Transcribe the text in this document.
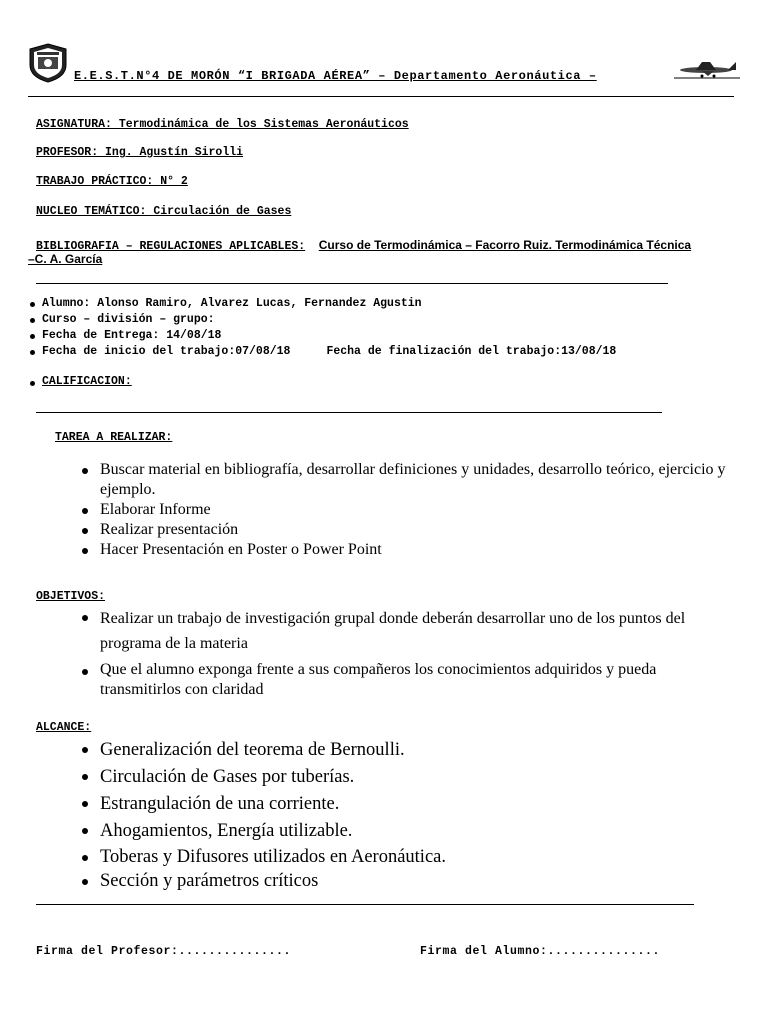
E.E.S.T.N°4 DE MORÓN “I BRIGADA AÉREA” – Departamento Aeronáutica –
ASIGNATURA: Termodinámica de los Sistemas Aeronáuticos
PROFESOR: Ing. Agustín Sirolli
TRABAJO PRÁCTICO: N° 2
NUCLEO TEMÁTICO: Circulación de Gases
BIBLIOGRAFIA – REGULACIONES APLICABLES: Curso de Termodinámica – Facorro Ruiz. Termodinámica Técnica
–C. A. García
Alumno: Alonso Ramiro, Alvarez Lucas, Fernandez Agustin
Curso – división – grupo:
Fecha de Entrega: 14/08/18
Fecha de inicio del trabajo:07/08/18	Fecha de finalización del trabajo:13/08/18
CALIFICACION:
TAREA A REALIZAR:
Buscar material en bibliografía, desarrollar definiciones y unidades, desarrollo teórico, ejercicio y ejemplo.
Elaborar Informe
Realizar presentación
Hacer Presentación en Poster o Power Point
OBJETIVOS:
Realizar un trabajo de investigación grupal donde deberán desarrollar uno de los puntos del programa de la materia
Que el alumno exponga frente a sus compañeros los conocimientos adquiridos y pueda transmitirlos con claridad
ALCANCE:
Generalización del teorema de Bernoulli.
Circulación de Gases por tuberías.
Estrangulación de una corriente.
Ahogamientos, Energía utilizable.
Toberas y Difusores utilizados en Aeronáutica.
Sección y parámetros críticos
Firma del Profesor:...............	Firma del Alumno:...............
